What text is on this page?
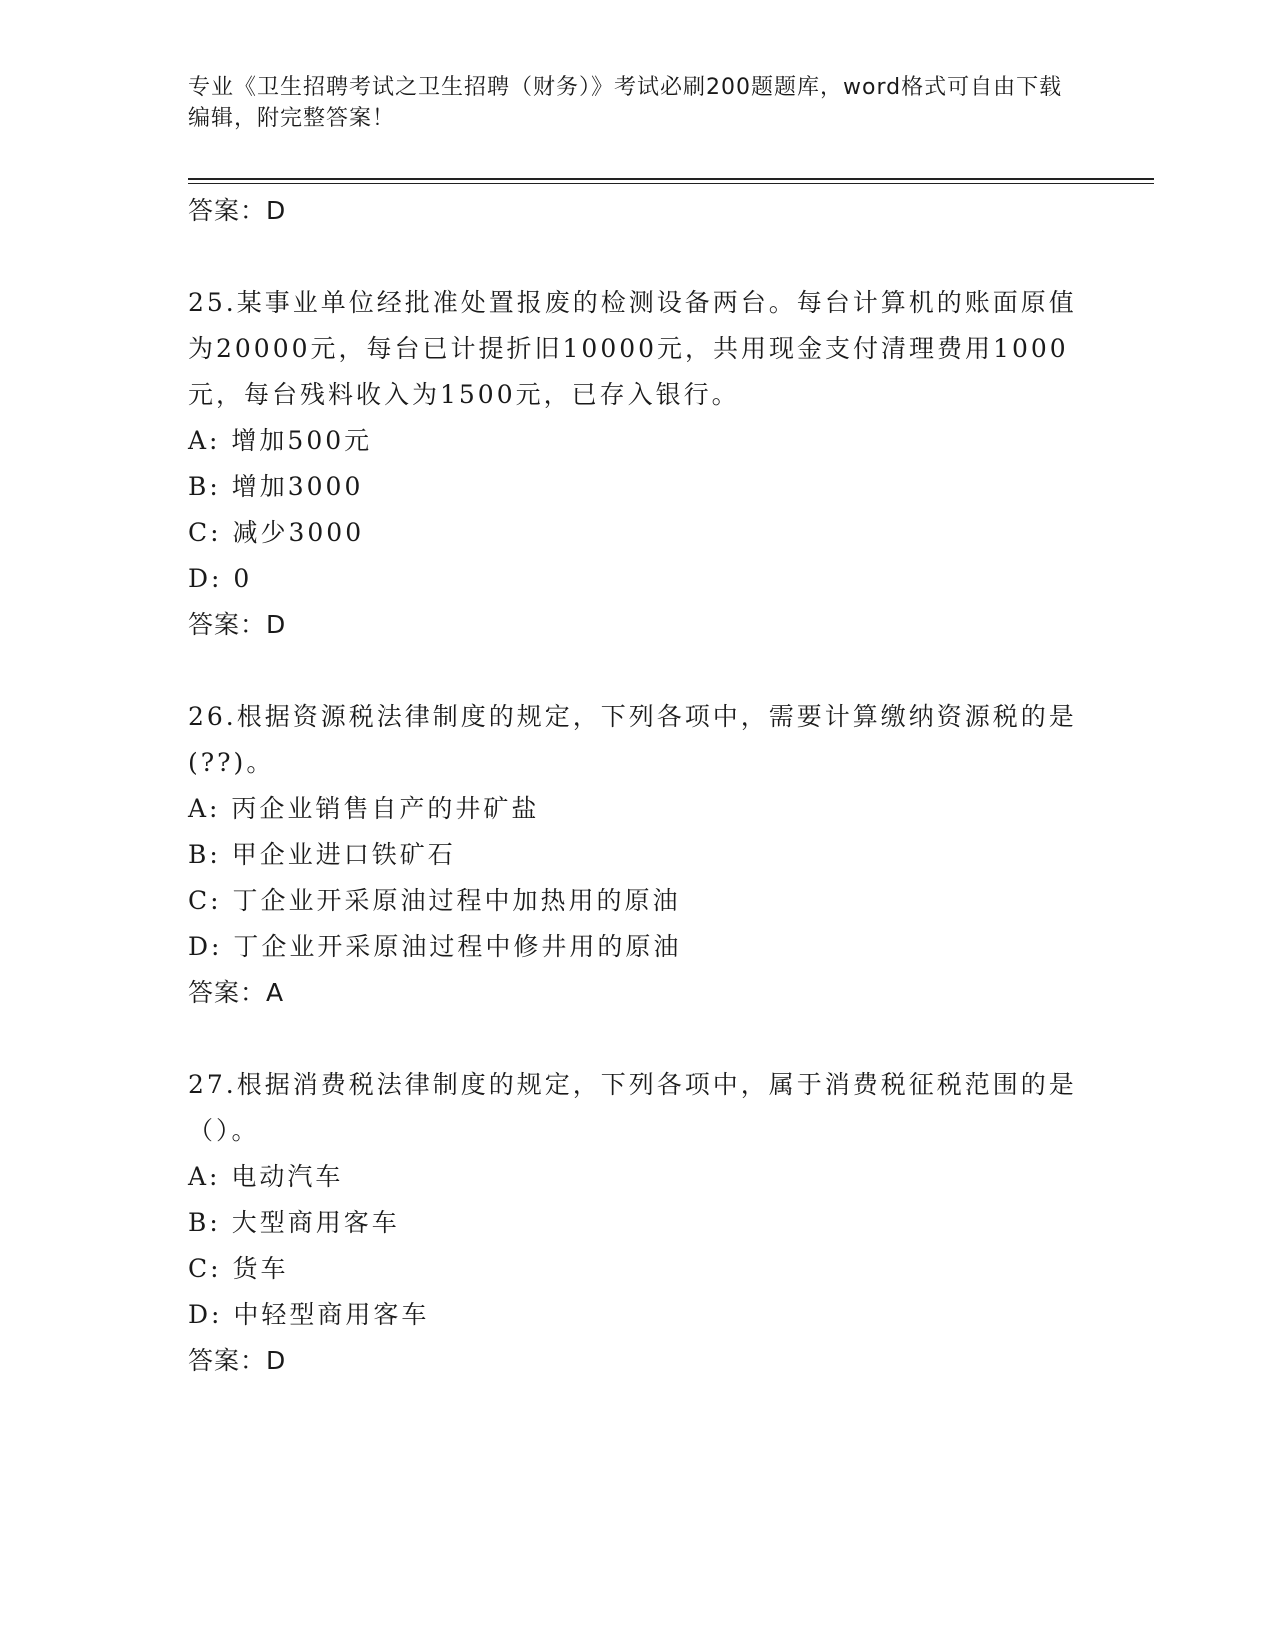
专业《卫生招聘考试之卫生招聘（财务）》考试必刷200题题库，word格式可自由下载编辑，附完整答案！
答案：D

25.某事业单位经批准处置报废的检测设备两台。每台计算机的账面原值为20000元，每台已计提折旧10000元，共用现金支付清理费用1000元，每台残料收入为1500元，已存入银行。

A: 增加500元
B: 增加3000
C: 减少3000
D: 0
答案：D

26.根据资源税法律制度的规定，下列各项中，需要计算缴纳资源税的是(??)。

A: 丙企业销售自产的井矿盐
B: 甲企业进口铁矿石
C: 丁企业开采原油过程中加热用的原油
D: 丁企业开采原油过程中修井用的原油
答案：A

27.根据消费税法律制度的规定，下列各项中，属于消费税征税范围的是（）。

A: 电动汽车
B: 大型商用客车
C: 货车
D: 中轻型商用客车
答案：D
